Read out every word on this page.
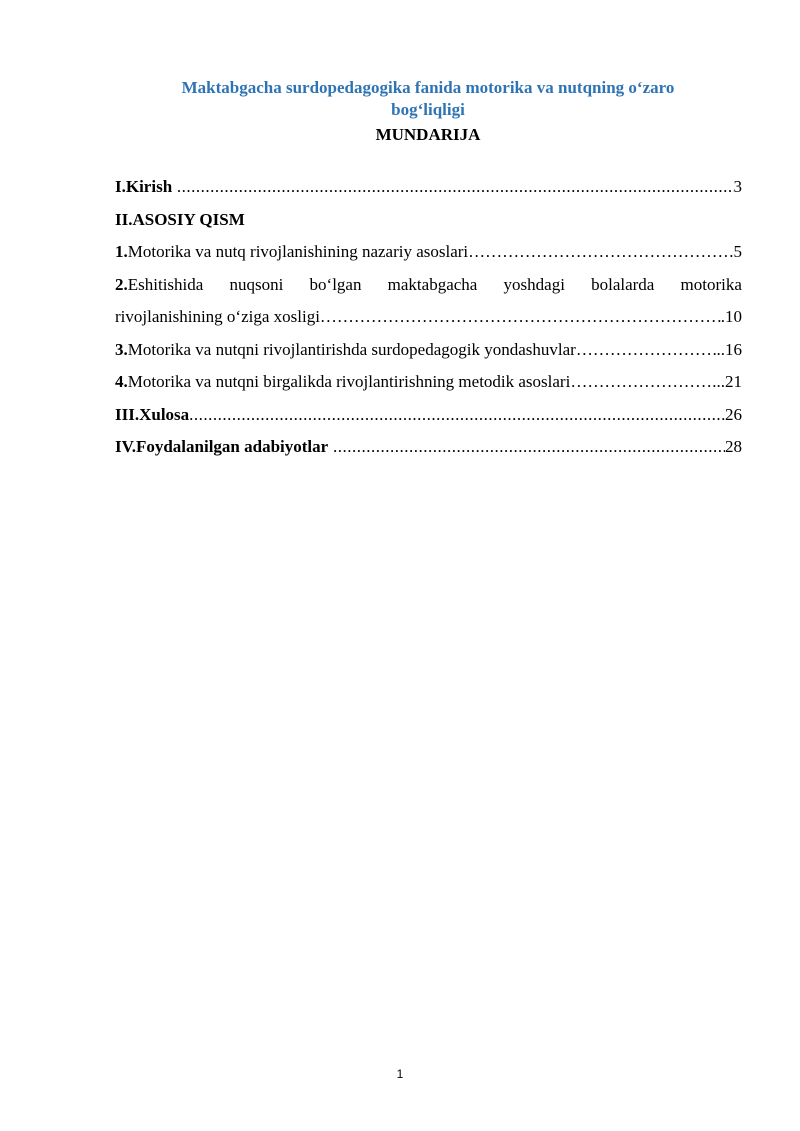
Maktabgacha surdopedagogika fanida motorika va nutqning o‘zaro
bog‘liqligi
MUNDARIJA
I.Kirish .....	3
II.ASOSIY QISM
1.Motorika va nutq rivojlanishining nazariy asoslari ……………………………………………………………………………………………………………………………………………………………………………………………	.5
2.Eshitishida nuqsoni bo‘lgan maktabgacha yoshdagi bolalarda motorika
rivojlanishining o‘ziga xosligi ……………………………………………………………………………………………………………………………………………………………………………………………	.10
3.Motorika va nutqni rivojlantirishda surdopedagogik yondashuvlar ……………………………………………………………………………………………………………………………………………………………………………………………	..16
4.Motorika va nutqni birgalikda rivojlantirishning metodik asoslari ……………………………………………………………………………………………………………………………………………………………………………………………	...21
III.Xulosa .....	26
IV.Foydalanilgan adabiyotlar .....	28
1
